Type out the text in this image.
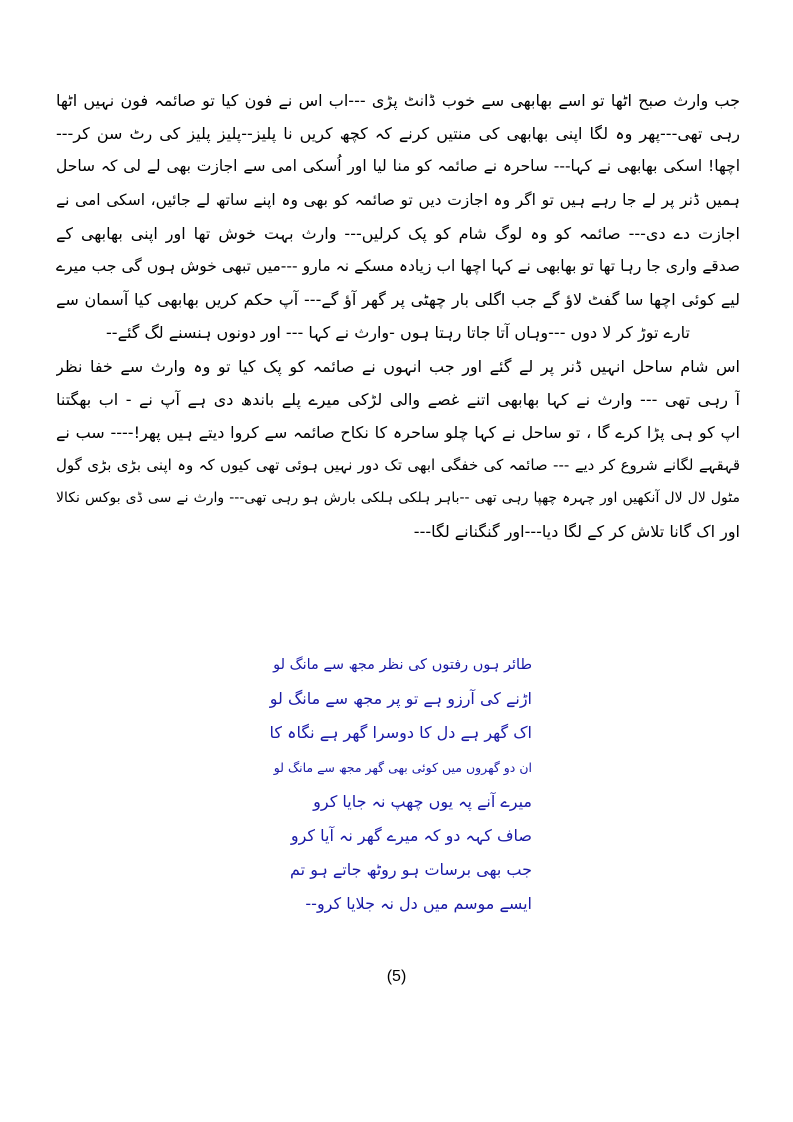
جب وارث صبح اٹھا تو اسے بھابھی سے خوب ڈانٹ پڑی ---اب اس نے فون کیا تو صائمہ فون نہیں اٹھا
رہی تھی---پھر وہ لگا اپنی بھابھی کی منتیں کرنے کہ کچھ کریں نا پلیز--پلیز پلیز کی رٹ سن کر---
اچھا! اسکی بھابھی نے کہا--- ساحرہ نے صائمہ کو منا لیا اور اُسکی امی سے اجازت بھی لے لی کہ ساحل
ہمیں ڈنر پر لے جا رہے ہیں تو اگر وہ اجازت دیں تو صائمہ کو بھی وہ اپنے ساتھ لے جائیں، اسکی امی نے
اجازت دے دی--- صائمہ کو وہ لوگ شام کو پک کرلیں--- وارث بہت خوش تھا اور اپنی بھابھی کے
صدقے واری جا رہا تھا تو بھابھی نے کہا اچھا اب زیادہ مسکے نہ مارو ---میں تبھی خوش ہوں گی جب میرے
لیے کوئی اچھا سا گفٹ لاؤ گے جب اگلی بار چھٹی پر گھر آؤ گے--- آپ حکم کریں بھابھی کیا آسمان سے
تارے توڑ کر لا دوں ---وہاں آتا جاتا رہتا ہوں -وارث نے کہا --- اور دونوں ہنسنے لگ گئے--
اس شام ساحل انہیں ڈنر پر لے گئے اور جب انہوں نے صائمہ کو پک کیا تو وہ وارث سے خفا نظر
آ رہی تھی --- وارث نے کہا بھابھی اتنے غصے والی لڑکی میرے پلے باندھ دی ہے آپ نے - اب بھگتنا
اپ کو ہی پڑا کرے گا ، تو ساحل نے کہا چلو ساحرہ کا نکاح صائمہ سے کروا دیتے ہیں پھر!---- سب نے
قہقہے لگانے شروع کر دیے --- صائمہ کی خفگی ابھی تک دور نہیں ہوئی تھی کیوں کہ وہ اپنی بڑی بڑی گول
مٹول لال لال آنکھیں اور چہرہ چھپا رہی تھی --باہر ہلکی ہلکی بارش ہو رہی تھی--- وارث نے سی ڈی بوکس نکالا
اور اک گانا تلاش کر کے لگا دیا---اور گنگنانے لگا---
طائر ہوں رفتوں کی نظر مجھ سے مانگ لو
اڑنے کی آرزو ہے تو پر مجھ سے مانگ لو
اک گھر ہے دل کا دوسرا گھر ہے نگاہ کا
ان دو گھروں میں کوئی بھی گھر مجھ سے مانگ لو
میرے آنے پہ یوں چھپ نہ جایا کرو
صاف کہہ دو کہ میرے گھر نہ آیا کرو
جب بھی برسات ہو روٹھ جاتے ہو تم
ایسے موسم میں دل نہ جلایا کرو--
(5)
